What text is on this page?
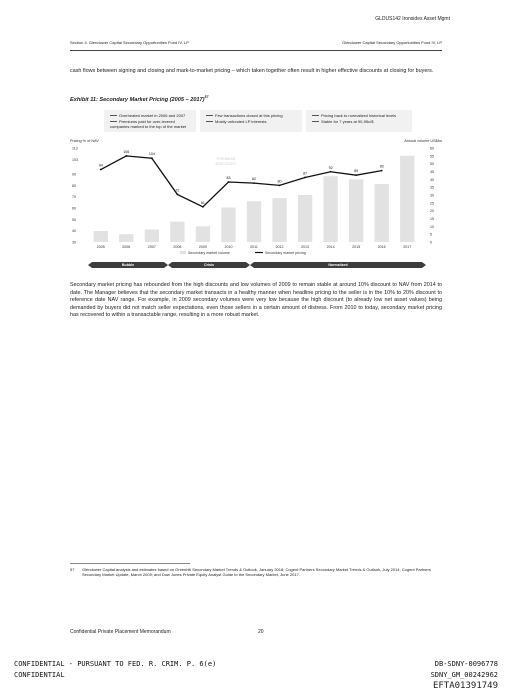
GLDUS142 Ironsides Asset Mgmt
Section 4. Glendower Capital Secondary Opportunities Fund IV, LP	Glendower Capital Secondary Opportunities Fund IV, LP
cash flows between signing and closing and mark-to-market pricing – which taken together often result in higher effective discounts at closing for buyers.
Exhibit 11: Secondary Market Pricing (2005 – 2017)$^{57}$
Overheated market in 2006 and 2007
Premiums paid for over-levered companies marked to the top of the market
Few transactions closed at this pricing
Mostly unfunded LP interests
Pricing back to normalized historical levels
Stable for 7 years at 90-95c/$
Pricing % of NAV	Annual volume US$bn
113
103
90
80
70
60
50
40
30
60
55
50
45
40
35
30
25
20
15
10
5
0
PREMIUM
DISCOUNT
2005	2006	2007	2008	2009	2010	2011	2012	2013	2014	2015	2016	2017
94
106
104
72
61
83	82
80
87
92
89
93
Secondary market volume	Secondary market pricing
Bubble	Crisis	Normalized
Secondary market pricing has rebounded from the high discounts and low volumes of 2009 to remain stable at around 10% discount to NAV from 2014 to date. The Manager believes that the secondary market transacts in a healthy manner when headline pricing to the seller is in the 10% to 20% discount to reference date NAV range. For example, in 2009 secondary volumes were very low because the high discount (to already low net asset values) being demanded by buyers did not match seller expectations, even those sellers in a certain amount of distress. From 2010 to today, secondary market pricing has recovered to within a transactable range, resulting in a more robust market.
57 Glendower Capital analysis and estimates based on Greenhill Secondary Market Trends & Outlook, January 2018; Cogent Partners Secondary Market Trends & Outlook, July 2014; Cogent Partners Secondary Market Update, March 2009; and Dow Jones Private Equity Analyst Guide to the Secondary Market, June 2017.
Confidential Private Placement Memorandum	20
CONFIDENTIAL - PURSUANT TO FED. R. CRIM. P. 6(e)
CONFIDENTIAL
DB-SDNY-0096778
SDNY_GM_00242962
EFTA01391749
